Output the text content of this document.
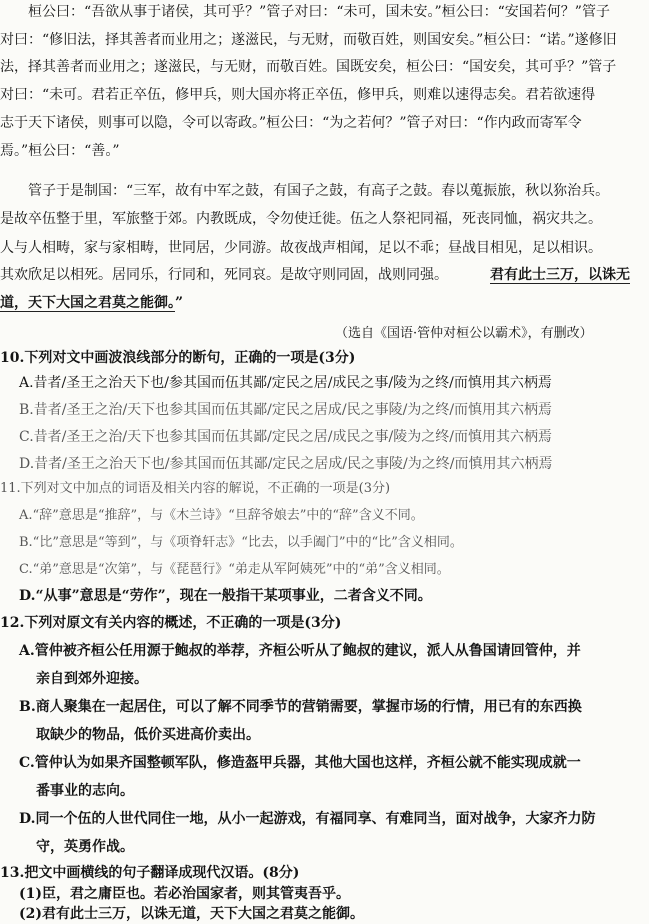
　　桓公曰：“吾欲从事于诸侯，其可乎？”管子对曰：“未可，国未安。”桓公曰：“安国若何？”管子
对曰：“修旧法，择其善者而业用之；遂滋民，与无财，而敬百姓，则国安矣。”桓公曰：“诺。”遂修旧
法，择其善者而业用之；遂滋民，与无财，而敬百姓。国既安矣，桓公曰：“国安矣，其可乎？”管子
对曰：“未可。君若正卒伍，修甲兵，则大国亦将正卒伍，修甲兵，则难以速得志矣。君若欲速得
志于天下诸侯，则事可以隐，令可以寄政。”桓公曰：“为之若何？”管子对曰：“作内政而寄军令
焉。”桓公曰：“善。”
　　管子于是制国：“三军，故有中军之鼓，有国子之鼓，有高子之鼓。春以蒐振旅，秋以狝治兵。
是故卒伍整于里，军旅整于郊。内教既成，令勿使迁徙。伍之人祭祀同福，死丧同恤，祸灾共之。
人与人相畴，家与家相畴，世同居，少同游。故夜战声相闻，足以不乖；昼战目相见，足以相识。
其欢欣足以相死。居同乐，行同和，死同哀。是故守则同固，战则同强。	君有此士三万，以诛无
道，天下大国之君莫之能御。”
（选自《国语·管仲对桓公以霸术》，有删改）
10.下列对文中画波浪线部分的断句，正确的一项是(3分)
A.昔者/圣王之治天下也/参其国而伍其鄙/定民之居/成民之事/陵为之终/而慎用其六柄焉
B.昔者/圣王之治/天下也参其国而伍其鄙/定民之居成/民之事陵/为之终/而慎用其六柄焉
C.昔者/圣王之治/天下也参其国而伍其鄙/定民之居/成民之事/陵为之终/而慎用其六柄焉
D.昔者/圣王之治天下也/参其国而伍其鄙/定民之居成/民之事陵/为之终/而慎用其六柄焉
11.下列对文中加点的词语及相关内容的解说，不正确的一项是(3分)
A.“辞”意思是“推辞”，与《木兰诗》“旦辞爷娘去”中的“辞”含义不同。
B.“比”意思是“等到”，与《项脊轩志》“比去，以手阖门”中的“比”含义相同。
C.“弟”意思是“次第”，与《琵琶行》“弟走从军阿姨死”中的“弟”含义相同。
D.“从事”意思是“劳作”，现在一般指干某项事业，二者含义不同。
12.下列对原文有关内容的概述，不正确的一项是(3分)
A.管仲被齐桓公任用源于鲍叔的举荐，齐桓公听从了鲍叔的建议，派人从鲁国请回管仲，并
亲自到郊外迎接。
B.商人聚集在一起居住，可以了解不同季节的营销需要，掌握市场的行情，用已有的东西换
取缺少的物品，低价买进高价卖出。
C.管仲认为如果齐国整顿军队，修造盔甲兵器，其他大国也这样，齐桓公就不能实现成就一
番事业的志向。
D.同一个伍的人世代同住一地，从小一起游戏，有福同享、有难同当，面对战争，大家齐力防
守，英勇作战。
13.把文中画横线的句子翻译成现代汉语。(8分)
(1)臣，君之庸臣也。若必治国家者，则其管夷吾乎。
(2)君有此士三万，以诛无道，天下大国之君莫之能御。
